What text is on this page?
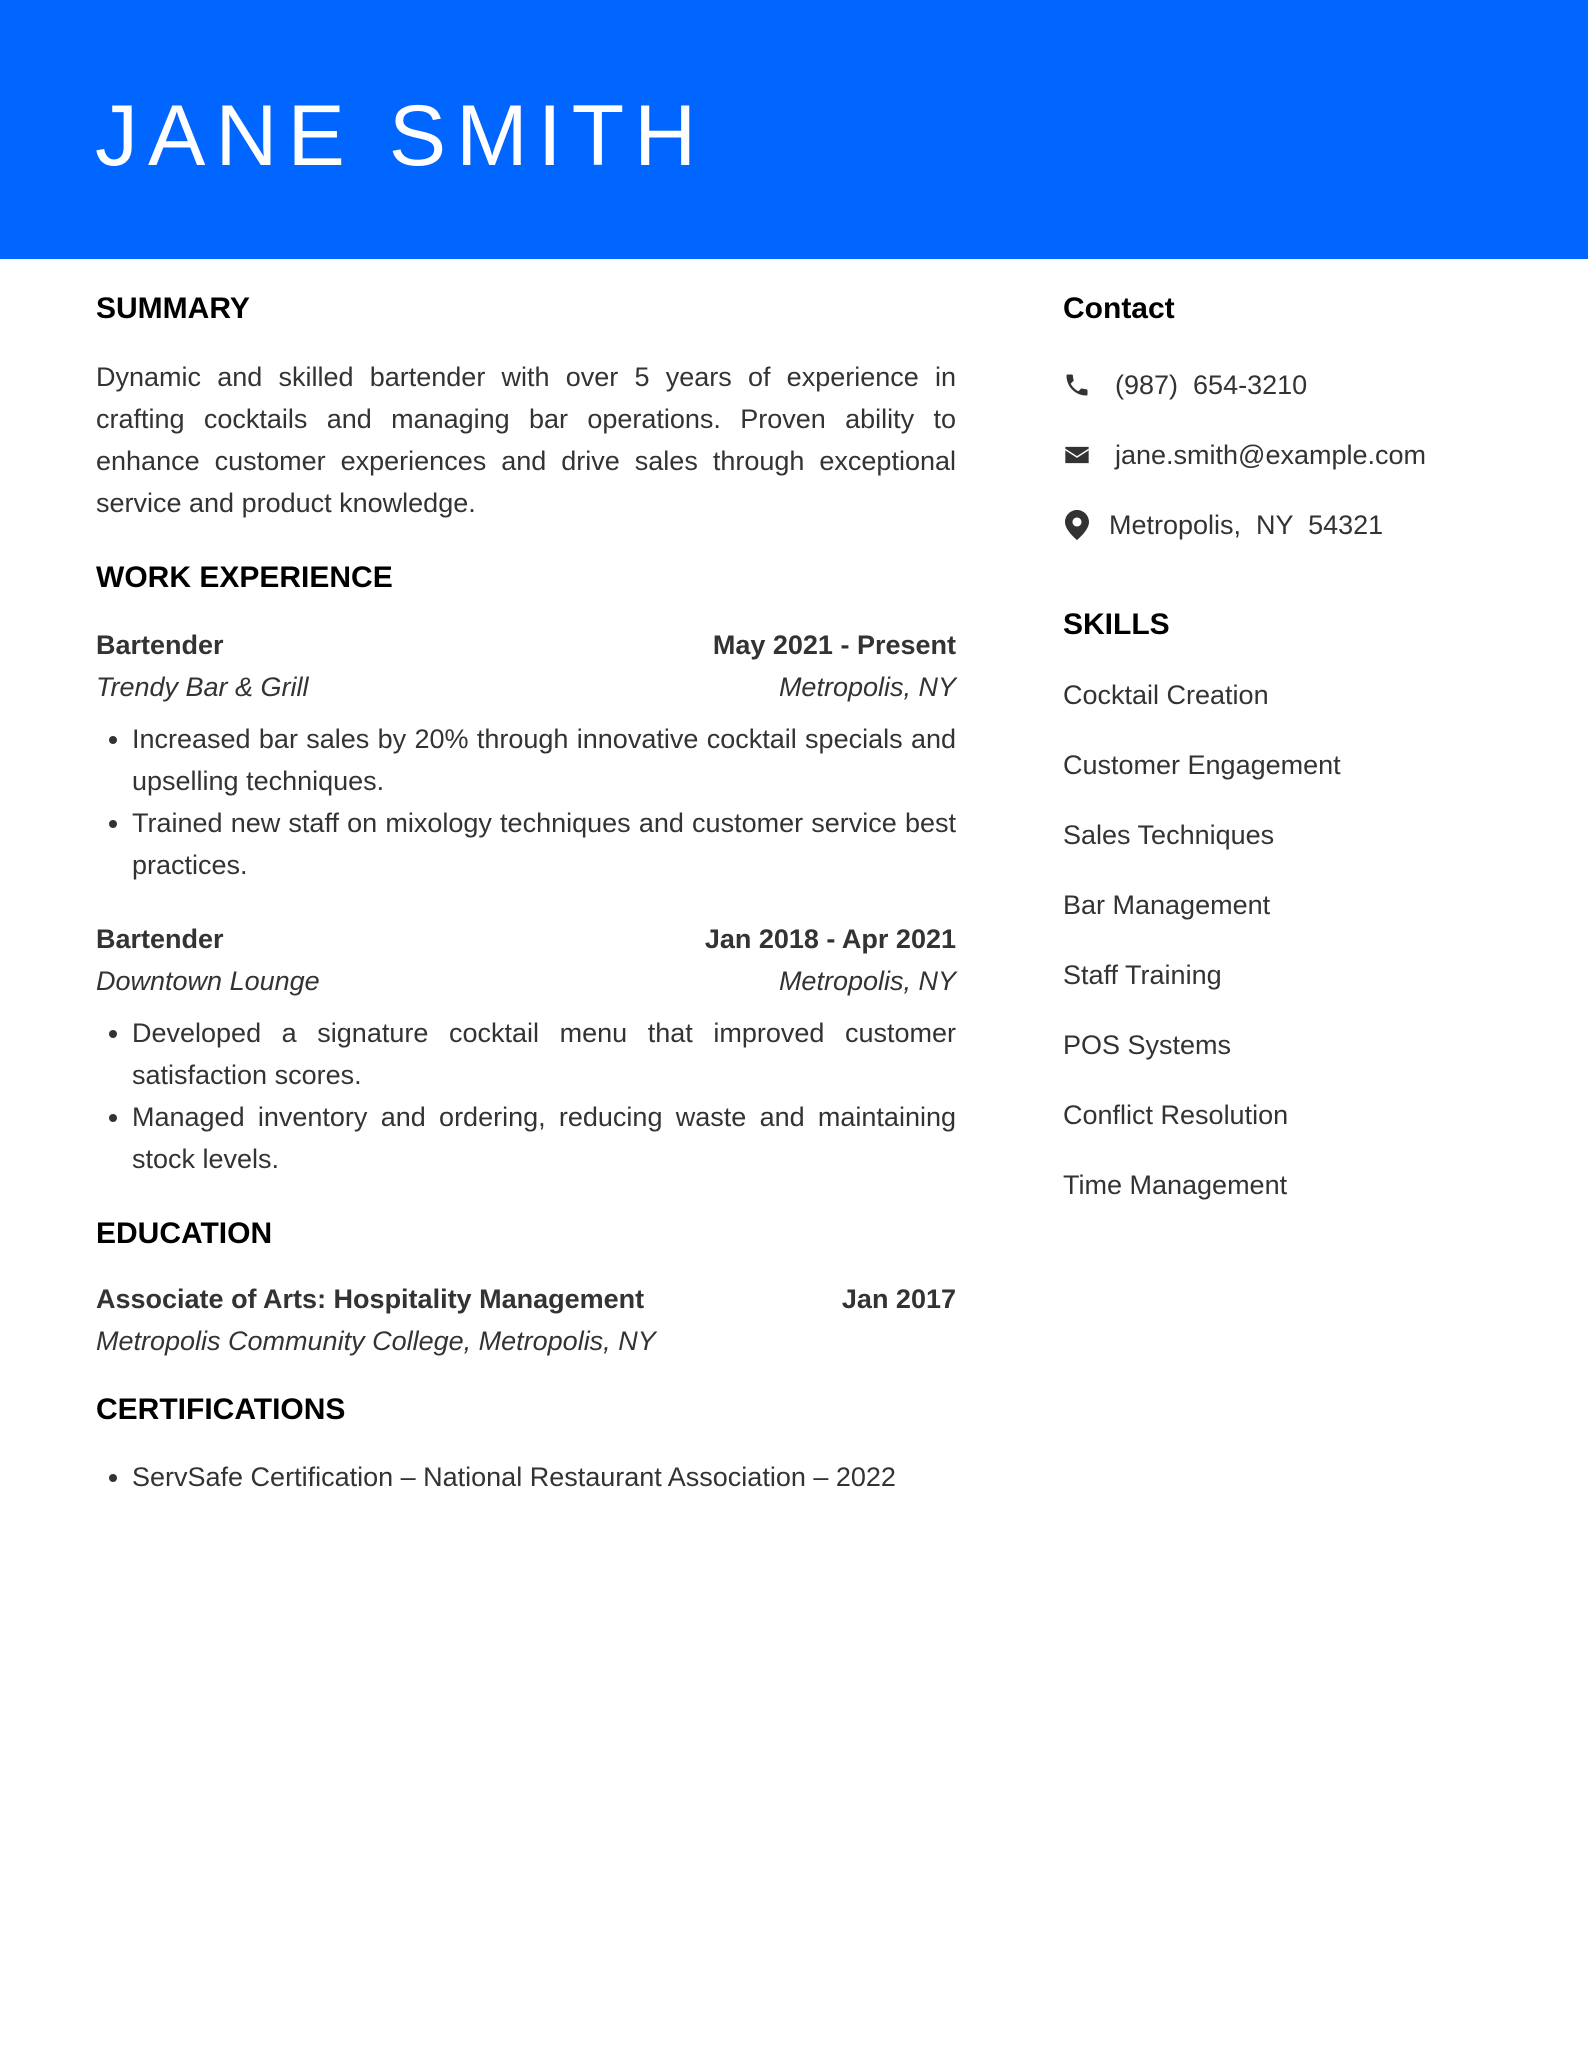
JANE SMITH
SUMMARY

Dynamic and skilled bartender with over 5 years of experience in crafting cocktails and managing bar operations. Proven ability to enhance customer experiences and drive sales through exceptional service and product knowledge.

WORK EXPERIENCE
Bartender	May 2021 - Present
Trendy Bar & Grill	Metropolis, NY
• Increased bar sales by 20% through innovative cocktail specials and upselling techniques.
• Trained new staff on mixology techniques and customer service best practices.
Bartender	Jan 2018 - Apr 2021
Downtown Lounge	Metropolis, NY
• Developed a signature cocktail menu that improved customer satisfaction scores.
• Managed inventory and ordering, reducing waste and maintaining stock levels.
EDUCATION
Associate of Arts: Hospitality Management	Jan 2017
Metropolis Community College, Metropolis, NY
CERTIFICATIONS
• ServSafe Certification – National Restaurant Association – 2022
Contact
(987)  654-3210
jane.smith@example.com
Metropolis,  NY  54321
SKILLS
Cocktail Creation
Customer Engagement
Sales Techniques
Bar Management
Staff Training
POS Systems
Conflict Resolution
Time Management
